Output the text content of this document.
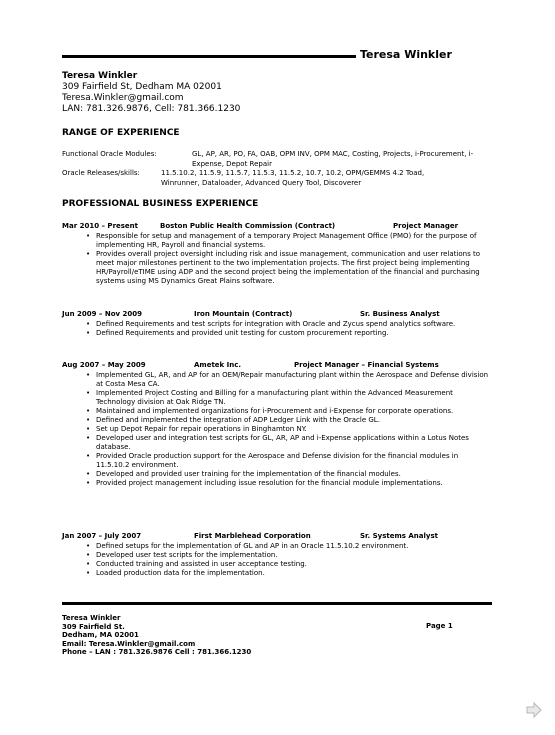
Teresa Winkler
Teresa Winkler
309 Fairfield St, Dedham MA 02001
Teresa.Winkler@gmail.com
LAN: 781.326.9876, Cell: 781.366.1230
RANGE OF EXPERIENCE
Functional Oracle Modules:	GL, AP, AR, PO, FA, OAB, OPM INV, OPM MAC, Costing, Projects, i-Procurement, i-Expense, Depot Repair
Oracle Releases/skills:	11.5.10.2, 11.5.9, 11.5.7, 11.5.3, 11.5.2, 10.7, 10.2, OPM/GEMMS 4.2 Toad, Winrunner, Dataloader, Advanced Query Tool, Discoverer
PROFESSIONAL BUSINESS EXPERIENCE
Mar 2010 – Present	Boston Public Health Commission (Contract)	Project Manager
• Responsible for setup and management of a temporary Project Management Office (PMO) for the purpose of implementing HR, Payroll and financial systems.
• Provides overall project oversight including risk and issue management, communication and user relations to meet major milestones pertinent to the two implementation projects. The first project being implementing HR/Payroll/eTIME using ADP and the second project being the implementation of the financial and purchasing systems using MS Dynamics Great Plains software.
Jun 2009 – Nov 2009	Iron Mountain (Contract)	Sr. Business Analyst
• Defined Requirements and test scripts for integration with Oracle and Zycus spend analytics software.
• Defined Requirements and provided unit testing for custom procurement reporting.
Aug 2007 – May 2009	Ametek Inc.	Project Manager – Financial Systems
• Implemented GL, AR, and AP for an OEM/Repair manufacturing plant within the Aerospace and Defense division at Costa Mesa CA.
• Implemented Project Costing and Billing for a manufacturing plant within the Advanced Measurement Technology division at Oak Ridge TN.
• Maintained and implemented organizations for i-Procurement and i-Expense for corporate operations.
• Defined and implemented the integration of ADP Ledger Link with the Oracle GL.
• Set up Depot Repair for repair operations in Binghamton NY.
• Developed user and integration test scripts for GL, AR, AP and i-Expense applications within a Lotus Notes database.
• Provided Oracle production support for the Aerospace and Defense division for the financial modules in 11.5.10.2 environment.
• Developed and provided user training for the implementation of the financial modules.
• Provided project management including issue resolution for the financial module implementations.
Jan 2007 – July 2007	First Marblehead Corporation	Sr. Systems Analyst
• Defined setups for the implementation of GL and AP in an Oracle 11.5.10.2 environment.
• Developed user test scripts for the implementation.
• Conducted training and assisted in user acceptance testing.
• Loaded production data for the implementation.
Teresa Winkler
309 Fairfield St.
Dedham, MA 02001
Email: Teresa.Winkler@gmail.com
Phone – LAN : 781.326.9876 Cell : 781.366.1230
Page 1
